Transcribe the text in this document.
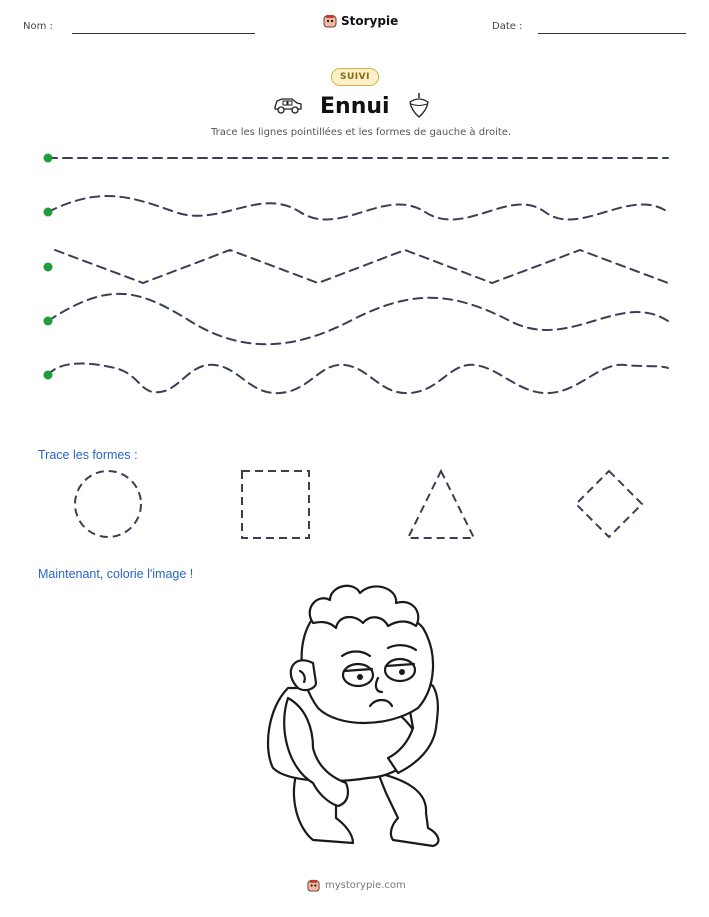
Nom :	Storypie	Date :
SUIVI
Ennui
Trace les lignes pointillées et les formes de gauche à droite.
Trace les formes :
Maintenant, colorie l'image !
mystorypie.com
